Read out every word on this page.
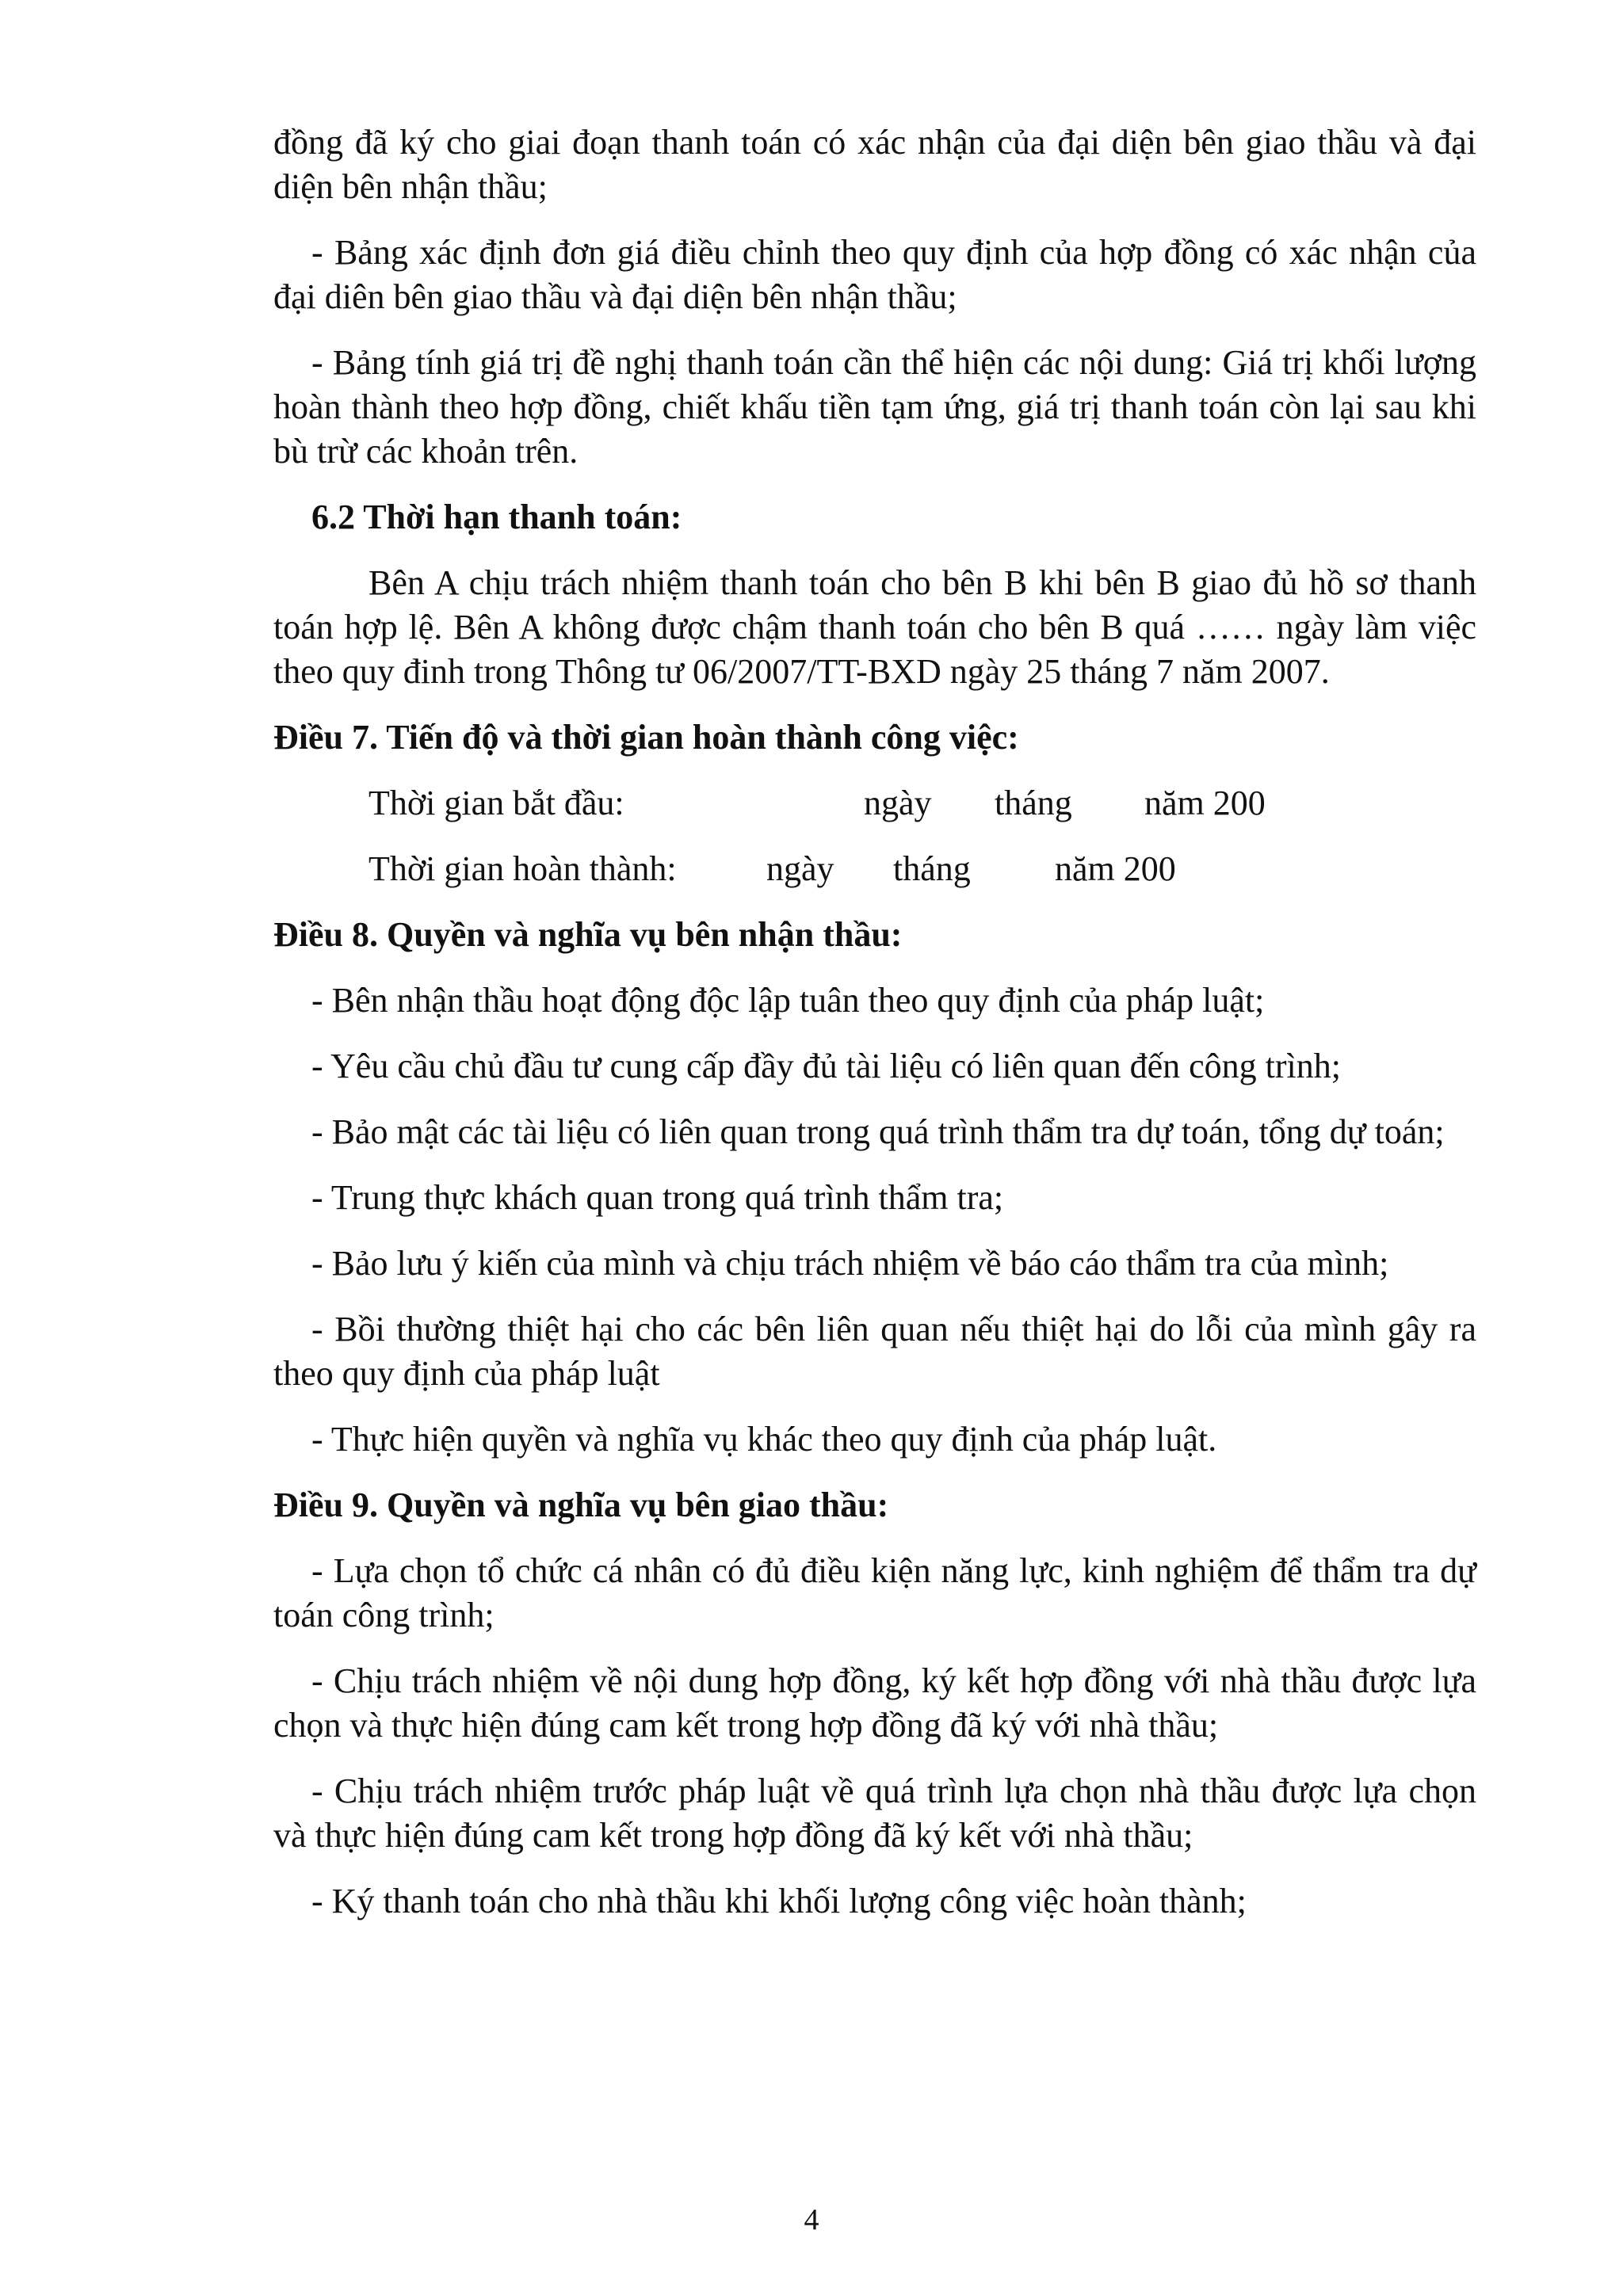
đồng đã ký cho giai đoạn thanh toán có xác nhận của đại diện bên giao thầu và đại diện bên nhận thầu;

- Bảng xác định đơn giá điều chỉnh theo quy định của hợp đồng có xác nhận của đại diên bên giao thầu và đại diện bên nhận thầu;

- Bảng tính giá trị đề nghị thanh toán cần thể hiện các nội dung: Giá trị khối lượng hoàn thành theo hợp đồng, chiết khấu tiền tạm ứng, giá trị thanh toán còn lại sau khi bù trừ các khoản trên.

6.2 Thời hạn thanh toán:

Bên A chịu trách nhiệm thanh toán cho bên B khi bên B giao đủ hồ sơ thanh toán hợp lệ. Bên A không được chậm thanh toán cho bên B quá …… ngày làm việc theo quy đinh trong Thông tư 06/2007/TT-BXD ngày 25 tháng 7 năm 2007.

Điều 7. Tiến độ và thời gian hoàn thành công việc:

Thời gian bắt đầu:	ngày tháng năm 200
Thời gian hoàn thành:	ngày tháng năm 200

Điều 8. Quyền và nghĩa vụ bên nhận thầu:

- Bên nhận thầu hoạt động độc lập tuân theo quy định của pháp luật;

- Yêu cầu chủ đầu tư cung cấp đầy đủ tài liệu có liên quan đến công trình;

- Bảo mật các tài liệu có liên quan trong quá trình thẩm tra dự toán, tổng dự toán;

- Trung thực khách quan trong quá trình thẩm tra;

- Bảo lưu ý kiến của mình và chịu trách nhiệm về báo cáo thẩm tra của mình;

- Bồi thường thiệt hại cho các bên liên quan nếu thiệt hại do lỗi của mình gây ra theo quy định của pháp luật

- Thực hiện quyền và nghĩa vụ khác theo quy định của pháp luật.

Điều 9. Quyền và nghĩa vụ bên giao thầu:

- Lựa chọn tổ chức cá nhân có đủ điều kiện năng lực, kinh nghiệm để thẩm tra dự toán công trình;

- Chịu trách nhiệm về nội dung hợp đồng, ký kết hợp đồng với nhà thầu được lựa chọn và thực hiện đúng cam kết trong hợp đồng đã ký với nhà thầu;

- Chịu trách nhiệm trước pháp luật về quá trình lựa chọn nhà thầu được lựa chọn và thực hiện đúng cam kết trong hợp đồng đã ký kết với nhà thầu;

- Ký thanh toán cho nhà thầu khi khối lượng công việc hoàn thành;

4
